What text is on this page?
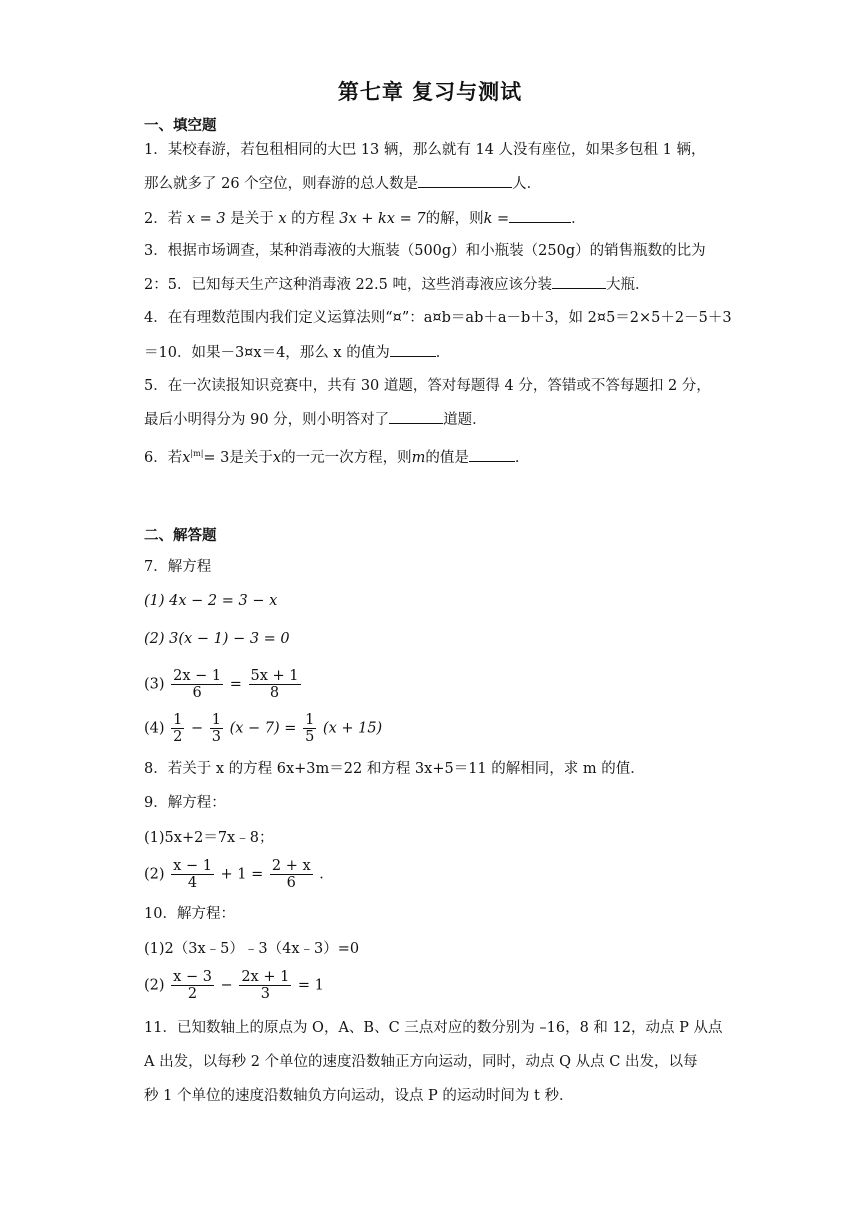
第七章 复习与测试
一、填空题
1．某校春游，若包租相同的大巴 13 辆，那么就有 14 人没有座位，如果多包租 1 辆，
那么就多了 26 个空位，则春游的总人数是	人．
2．若 x = 3 是关于 x 的方程 3x + kx = 7的解，则k =	．
3．根据市场调查，某种消毒液的大瓶装（500g）和小瓶装（250g）的销售瓶数的比为
2：5．已知每天生产这种消毒液 22.5 吨，这些消毒液应该分装	大瓶．
4．在有理数范围内我们定义运算法则“¤”：a¤b＝ab＋a－b＋3，如 2¤5＝2×5＋2－5＋3
＝10．如果－3¤x＝4，那么 x 的值为	．
5．在一次读报知识竞赛中，共有 30 道题，答对每题得 4 分，答错或不答每题扣 2 分，
最后小明得分为 90 分，则小明答对了	道题．
6．若$x^{|m|}= 3$是关于x的一元一次方程，则m的值是	．
二、解答题
7．解方程
(1) 4x − 2 = 3 − x
(2) 3(x − 1) − 3 = 0
$(3) \frac{2x - 1}{6} = \frac{5x + 1}{8}$
$(4) \frac{1}{2} - \frac{1}{3} (x - 7) = \frac{1}{5} (x + 15)$
8．若关于 x 的方程 6x+3m＝22 和方程 3x+5＝11 的解相同，求 m 的值．
9．解方程：
(1)5x+2＝7x﹣8；
$(2) \frac{x - 1}{4} + 1 = \frac{2 + x}{6}$ ．
10．解方程：
(1)2（3x﹣5）﹣3（4x﹣3）=0
$(2) \frac{x - 3}{2} - \frac{2x + 1}{3} = 1$
11．已知数轴上的原点为 O，A、B、C 三点对应的数分别为 –16，8 和 12，动点 P 从点
A 出发，以每秒 2 个单位的速度沿数轴正方向运动，同时，动点 Q 从点 C 出发，以每
秒 1 个单位的速度沿数轴负方向运动，设点 P 的运动时间为 t 秒．
